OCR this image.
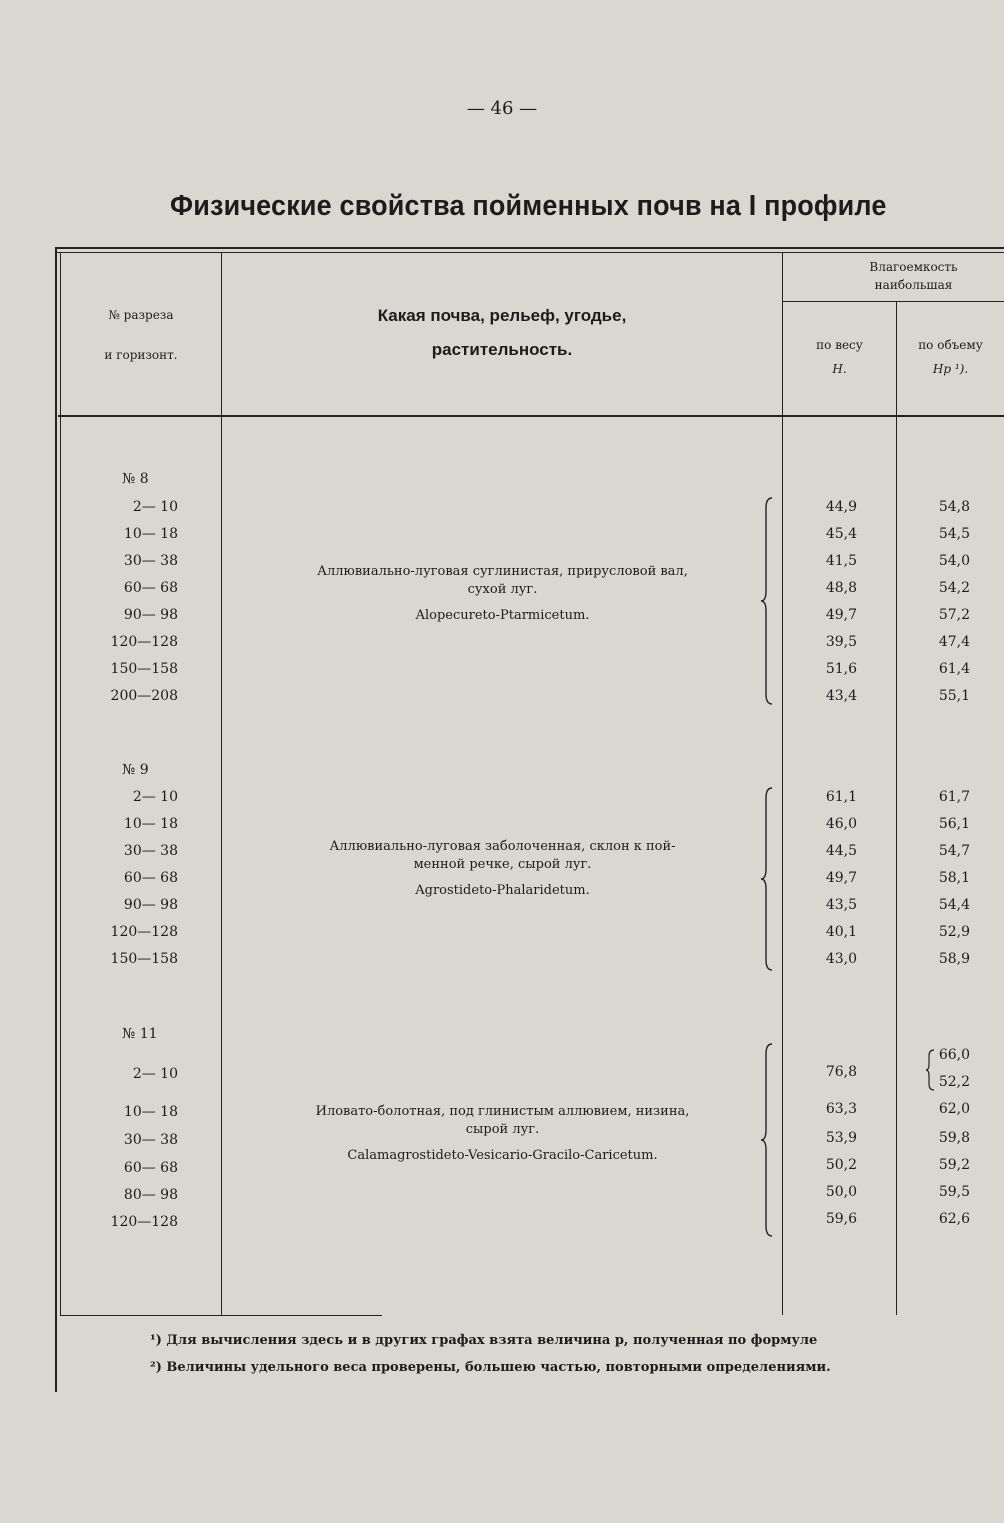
— 46 —
Физические свойства пойменных почв на I профиле
№ разреза
и горизонт.
Какая почва, рельеф, угодье,
растительность.
Влагоемкость
наибольшая
по весу
H.
по объему
Hp ¹).
№ 8
2— 10
10— 18
30— 38
60— 68
90— 98
120—128
150—158
200—208
44,9
45,4
41,5
48,8
49,7
39,5
51,6
43,4
54,8
54,5
54,0
54,2
57,2
47,4
61,4
55,1
Аллювиально-луговая суглинистая, прирусловой вал,
сухой луг.
Alopecureto-Ptarmicetum.
№ 9
2— 10
10— 18
30— 38
60— 68
90— 98
120—128
150—158
61,1
46,0
44,5
49,7
43,5
40,1
43,0
61,7
56,1
54,7
58,1
54,4
52,9
58,9
Аллювиально-луговая заболоченная, склон к пой-
менной речке, сырой луг.
Agrostideto-Phalaridetum.
№ 11
2— 10
10— 18
30— 38
60— 68
80— 98
120—128
76,8
63,3
53,9
50,2
50,0
59,6
66,0
52,2
62,0
59,8
59,2
59,5
62,6
Иловато-болотная, под глинистым аллювием, низина,
сырой луг.
Calamagrostideto-Vesicario-Gracilo-Caricetum.
¹) Для вычисления здесь и в других графах взята величина p, полученная по формуле
²) Величины удельного веса проверены, большею частью, повторными определениями.
